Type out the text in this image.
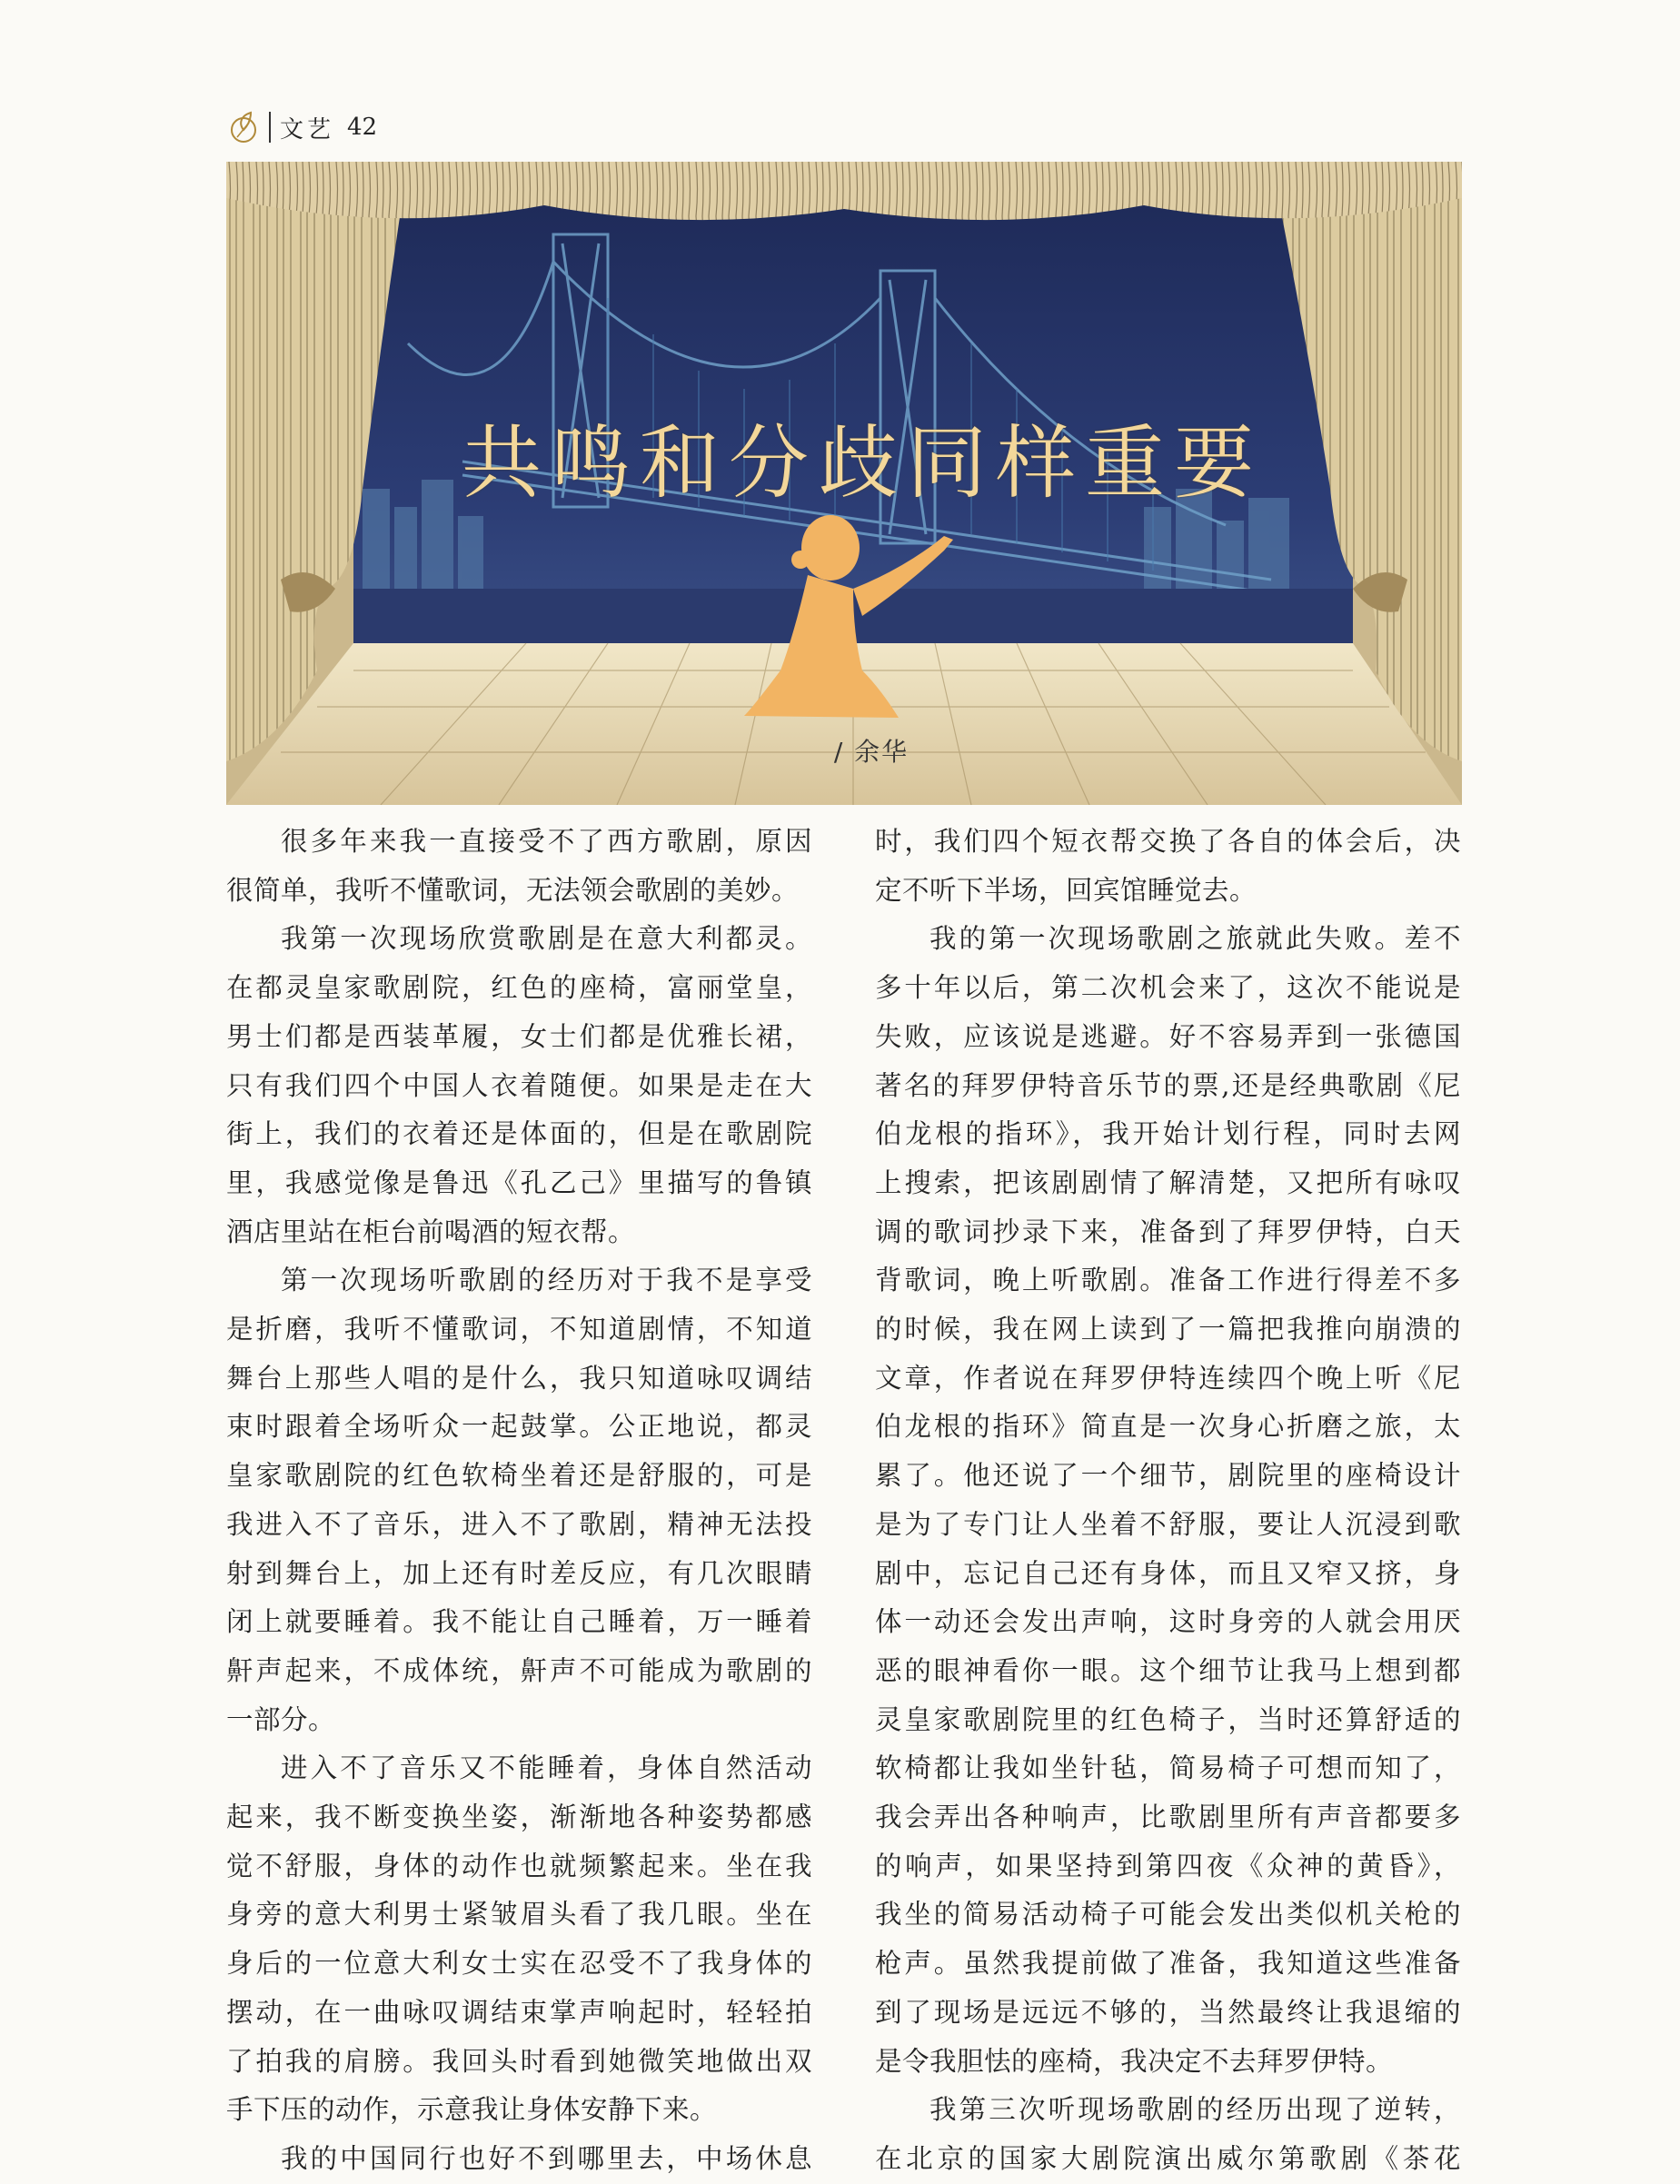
文艺 42
共鸣和分歧同样重要
/ 余华

很多年来我一直接受不了西方歌剧，原因

很简单，我听不懂歌词，无法领会歌剧的美妙。

我第一次现场欣赏歌剧是在意大利都灵。

在都灵皇家歌剧院，红色的座椅，富丽堂皇，

男士们都是西装革履，女士们都是优雅长裙，

只有我们四个中国人衣着随便。如果是走在大

街上，我们的衣着还是体面的，但是在歌剧院

里，我感觉像是鲁迅《孔乙己》里描写的鲁镇

酒店里站在柜台前喝酒的短衣帮。

第一次现场听歌剧的经历对于我不是享受

是折磨，我听不懂歌词，不知道剧情，不知道

舞台上那些人唱的是什么，我只知道咏叹调结

束时跟着全场听众一起鼓掌。公正地说，都灵

皇家歌剧院的红色软椅坐着还是舒服的，可是

我进入不了音乐，进入不了歌剧，精神无法投

射到舞台上，加上还有时差反应，有几次眼睛

闭上就要睡着。我不能让自己睡着，万一睡着

鼾声起来，不成体统，鼾声不可能成为歌剧的

一部分。

进入不了音乐又不能睡着，身体自然活动

起来，我不断变换坐姿，渐渐地各种姿势都感

觉不舒服，身体的动作也就频繁起来。坐在我

身旁的意大利男士紧皱眉头看了我几眼。坐在

身后的一位意大利女士实在忍受不了我身体的

摆动，在一曲咏叹调结束掌声响起时，轻轻拍

了拍我的肩膀。我回头时看到她微笑地做出双

手下压的动作，示意我让身体安静下来。

我的中国同行也好不到哪里去，中场休息

时，我们四个短衣帮交换了各自的体会后，决

定不听下半场，回宾馆睡觉去。

我的第一次现场歌剧之旅就此失败。差不

多十年以后，第二次机会来了，这次不能说是

失败，应该说是逃避。好不容易弄到一张德国

著名的拜罗伊特音乐节的票,还是经典歌剧《尼

伯龙根的指环》，我开始计划行程，同时去网

上搜索，把该剧剧情了解清楚，又把所有咏叹

调的歌词抄录下来，准备到了拜罗伊特，白天

背歌词，晚上听歌剧。准备工作进行得差不多

的时候，我在网上读到了一篇把我推向崩溃的

文章，作者说在拜罗伊特连续四个晚上听《尼

伯龙根的指环》简直是一次身心折磨之旅，太

累了。他还说了一个细节，剧院里的座椅设计

是为了专门让人坐着不舒服，要让人沉浸到歌

剧中，忘记自己还有身体，而且又窄又挤，身

体一动还会发出声响，这时身旁的人就会用厌

恶的眼神看你一眼。这个细节让我马上想到都

灵皇家歌剧院里的红色椅子，当时还算舒适的

软椅都让我如坐针毡，简易椅子可想而知了，

我会弄出各种响声，比歌剧里所有声音都要多

的响声，如果坚持到第四夜《众神的黄昏》，

我坐的简易活动椅子可能会发出类似机关枪的

枪声。虽然我提前做了准备，我知道这些准备

到了现场是远远不够的，当然最终让我退缩的

是令我胆怯的座椅，我决定不去拜罗伊特。

我第三次听现场歌剧的经历出现了逆转，

在北京的国家大剧院演出威尔第歌剧《茶花
